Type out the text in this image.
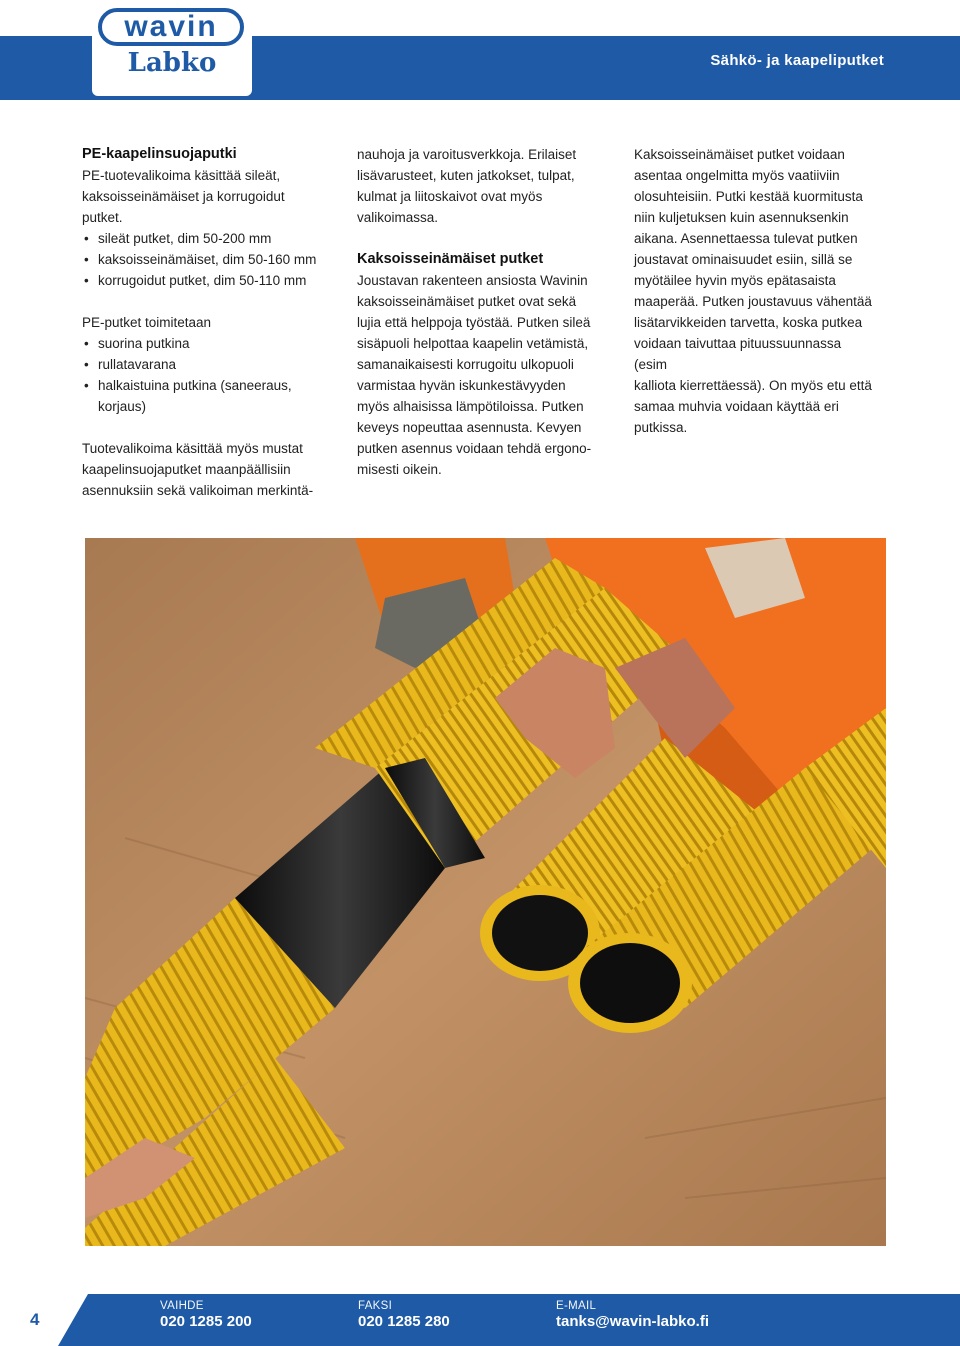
wavin
Labko	Sähkö- ja kaapeliputket

PE-kaapelinsuojaputki

PE-tuotevalikoima käsittää sileät,

kaksoisseinämäiset ja korrugoidut

putket.

• sileät putket, dim 50-200 mm
• kaksoisseinämäiset, dim 50-160 mm
• korrugoidut putket, dim 50-110 mm

PE-putket toimitetaan

• suorina putkina
• rullatavarana
• halkaistuina putkina (saneeraus,

korjaus)

Tuotevalikoima käsittää myös mustat

kaapelinsuojaputket maanpäällisiin

asennuksiin sekä valikoiman merkintä-

nauhoja ja varoitusverkkoja. Erilaiset

lisävarusteet, kuten jatkokset, tulpat,

kulmat ja liitoskaivot ovat myös

valikoimassa.

Kaksoisseinämäiset putket

Joustavan rakenteen ansiosta Wavinin

kaksoisseinämäiset putket ovat sekä

lujia että helppoja työstää. Putken sileä

sisäpuoli helpottaa kaapelin vetämistä,

samanaikaisesti korrugoitu ulkopuoli

varmistaa hyvän iskunkestävyyden

myös alhaisissa lämpötiloissa. Putken

keveys nopeuttaa asennusta. Kevyen

putken asennus voidaan tehdä ergono-

misesti oikein.

Kaksoisseinämäiset putket voidaan

asentaa ongelmitta myös vaatiiviin

olosuhteisiin. Putki kestää kuormitusta

niin kuljetuksen kuin asennuksenkin

aikana. Asennettaessa tulevat putken

joustavat ominaisuudet esiin, sillä se

myötäilee hyvin myös epätasaista

maaperää. Putken joustavuus vähentää

lisätarvikkeiden tarvetta, koska putkea

voidaan taivuttaa pituussuunnassa (esim

kalliota kierrettäessä). On myös etu että

samaa muhvia voidaan käyttää eri

putkissa.

4
VAIHDE
020 1285 200
FAKSI
020 1285 280
E-MAIL
tanks@wavin-labko.fi
